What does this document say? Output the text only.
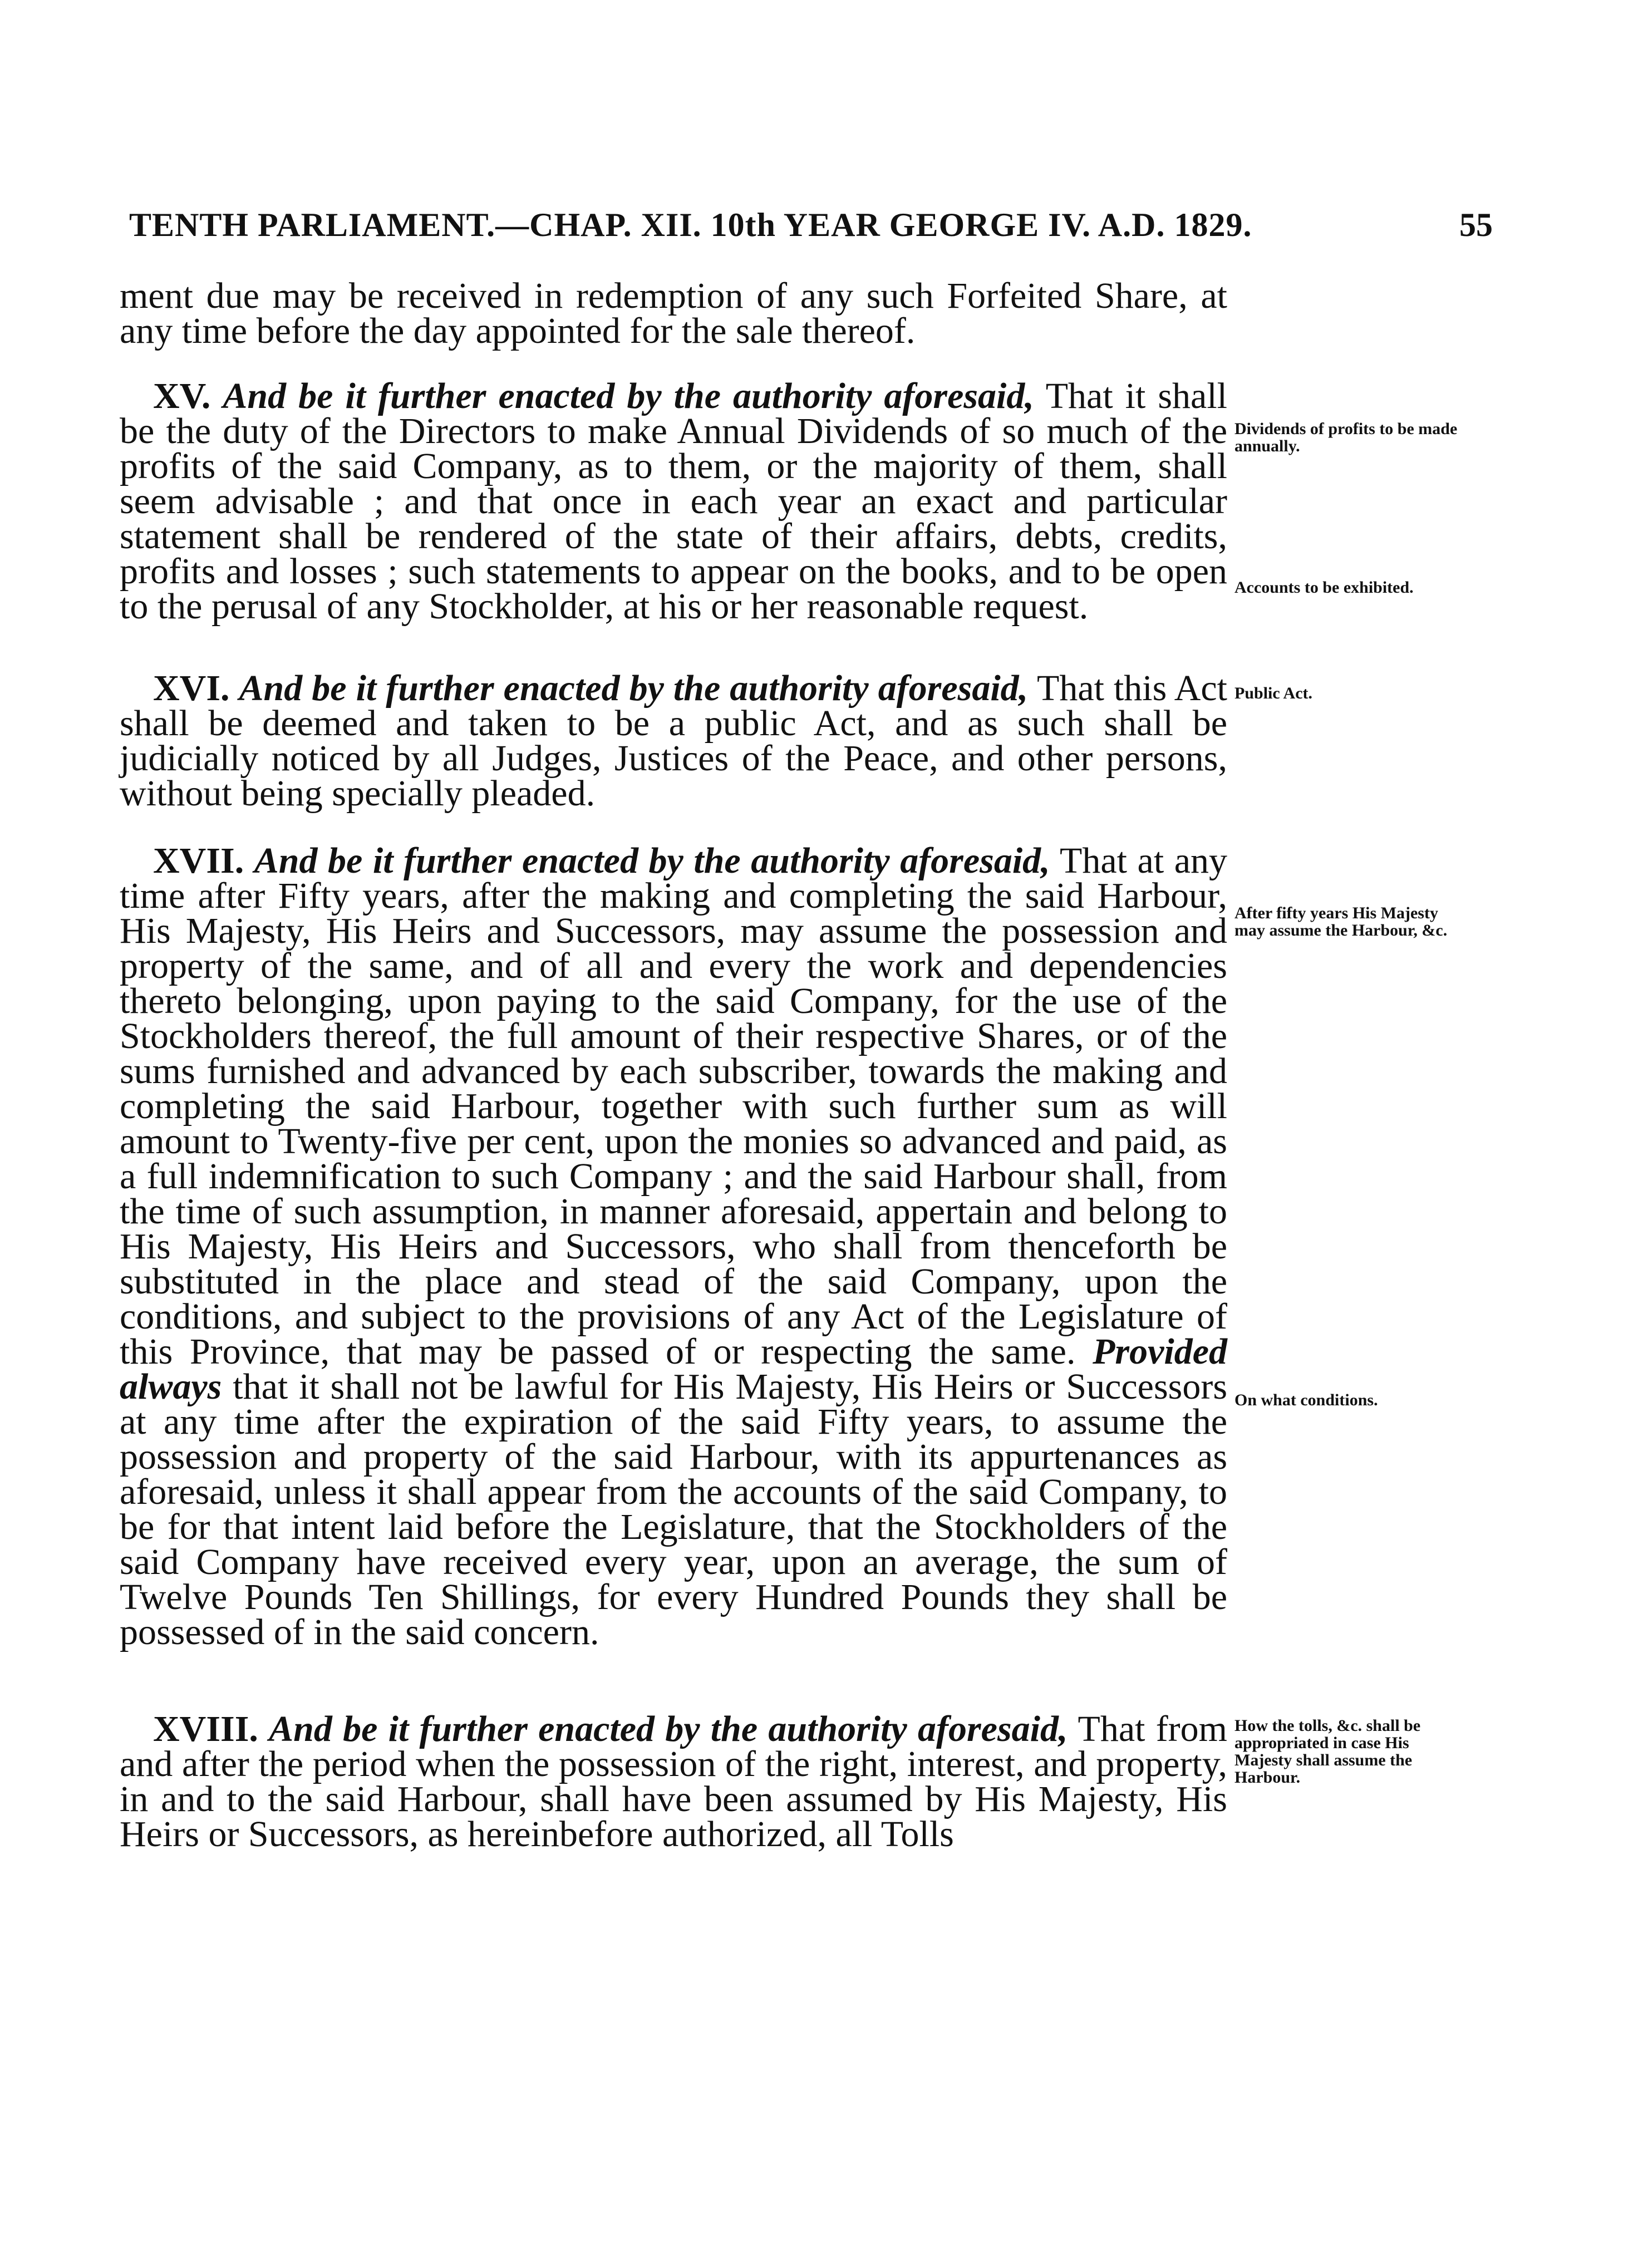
TENTH PARLIAMENT.—CHAP. XII. 10th YEAR GEORGE IV. A.D. 1829.	55
ment due may be received in redemption of any such Forfeited Share, at any time before the day appointed for the sale thereof.
XV. And be it further enacted by the authority aforesaid, That it shall be the duty of the Directors to make Annual Dividends of so much of the profits of the said Company, as to them, or the majority of them, shall seem advisable ; and that once in each year an exact and particular statement shall be rendered of the state of their affairs, debts, credits, profits and losses ; such statements to appear on the books, and to be open to the perusal of any Stockholder, at his or her reasonable request.
XVI. And be it further enacted by the authority aforesaid, That this Act shall be deemed and taken to be a public Act, and as such shall be judicially noticed by all Judges, Justices of the Peace, and other persons, without being specially pleaded.
XVII. And be it further enacted by the authority aforesaid, That at any time after Fifty years, after the making and completing the said Harbour, His Majesty, His Heirs and Successors, may assume the possession and property of the same, and of all and every the work and dependencies thereto belonging, upon paying to the said Company, for the use of the Stockholders thereof, the full amount of their respective Shares, or of the sums furnished and advanced by each subscriber, towards the making and completing the said Harbour, together with such further sum as will amount to Twenty-five per cent, upon the monies so advanced and paid, as a full indemnification to such Company ; and the said Harbour shall, from the time of such assumption, in manner aforesaid, appertain and belong to His Majesty, His Heirs and Successors, who shall from thenceforth be substituted in the place and stead of the said Company, upon the conditions, and subject to the provisions of any Act of the Legislature of this Province, that may be passed of or respecting the same. Provided always that it shall not be lawful for His Majesty, His Heirs or Successors at any time after the expiration of the said Fifty years, to assume the possession and property of the said Harbour, with its appurtenances as aforesaid, unless it shall appear from the accounts of the said Company, to be for that intent laid before the Legislature, that the Stockholders of the said Company have received every year, upon an average, the sum of Twelve Pounds Ten Shillings, for every Hundred Pounds they shall be possessed of in the said concern.
XVIII. And be it further enacted by the authority aforesaid, That from and after the period when the possession of the right, interest, and property, in and to the said Harbour, shall have been assumed by His Majesty, His Heirs or Successors, as hereinbefore authorized, all Tolls
Dividends of profits to be made annually.
Accounts to be exhibited.
Public Act.
After fifty years His Majesty may assume the Harbour, &c.
On what conditions.
How the tolls, &c. shall be appropriated in case His Majesty shall assume the Harbour.
